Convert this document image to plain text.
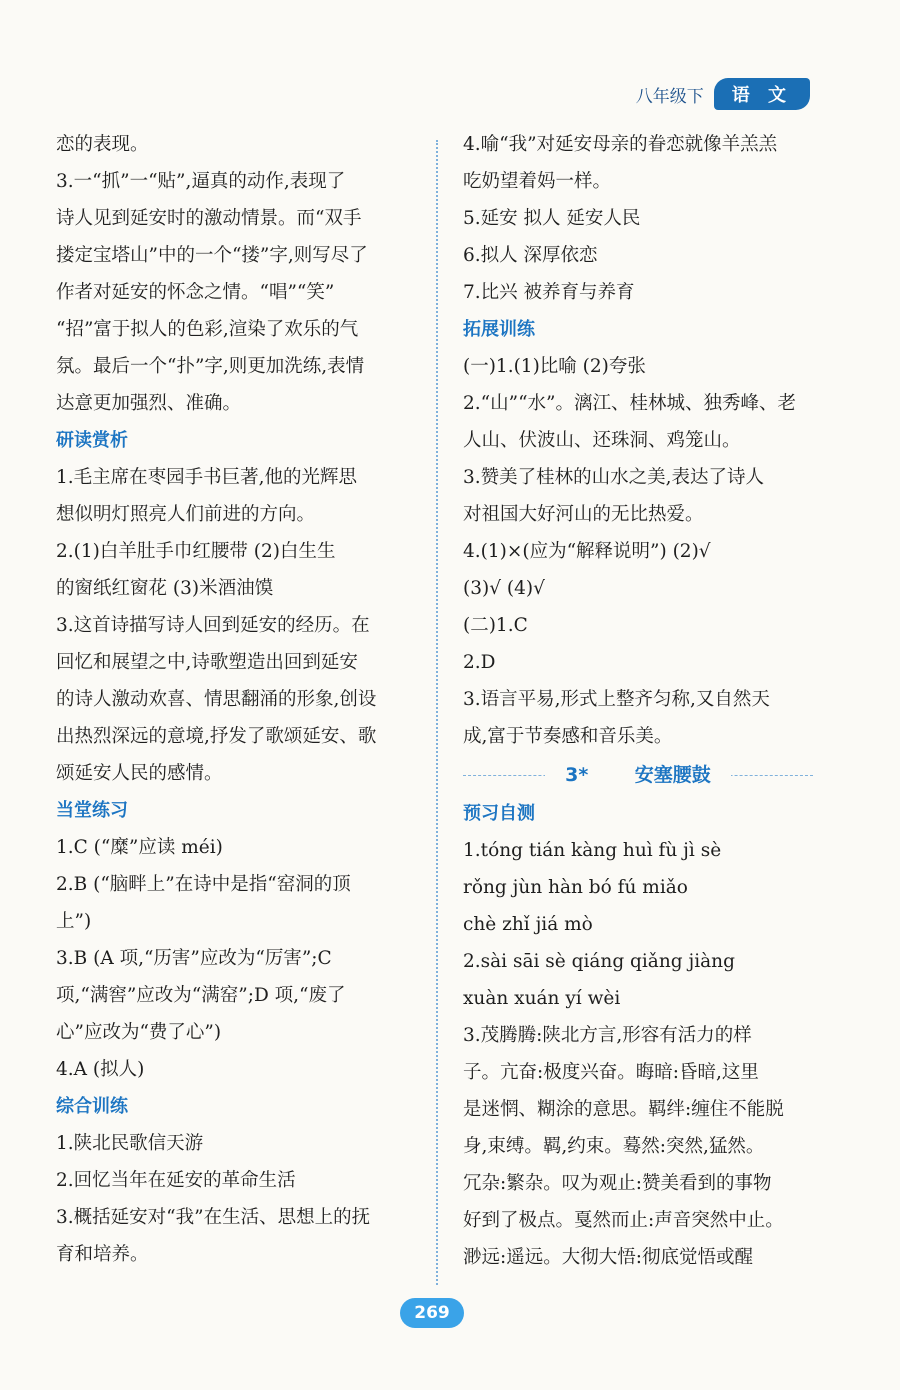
八年级下	语 文
恋的表现。
3.一“抓”一“贴”,逼真的动作,表现了
诗人见到延安时的激动情景。而“双手
搂定宝塔山”中的一个“搂”字,则写尽了
作者对延安的怀念之情。“唱”“笑”
“招”富于拟人的色彩,渲染了欢乐的气
氛。最后一个“扑”字,则更加洗练,表情
达意更加强烈、准确。
研读赏析
1.毛主席在枣园手书巨著,他的光辉思
想似明灯照亮人们前进的方向。
2.(1)白羊肚手巾红腰带 (2)白生生
的窗纸红窗花 (3)米酒油馍
3.这首诗描写诗人回到延安的经历。在
回忆和展望之中,诗歌塑造出回到延安
的诗人激动欢喜、情思翻涌的形象,创设
出热烈深远的意境,抒发了歌颂延安、歌
颂延安人民的感情。
当堂练习
1.C (“糜”应读 méi)
2.B (“脑畔上”在诗中是指“窑洞的顶
上”)
3.B (A 项,“历害”应改为“厉害”;C
项,“满窖”应改为“满窑”;D 项,“废了
心”应改为“费了心”)
4.A (拟人)
综合训练
1.陕北民歌信天游
2.回忆当年在延安的革命生活
3.概括延安对“我”在生活、思想上的抚
育和培养。
4.喻“我”对延安母亲的眷恋就像羊羔羔
吃奶望着妈一样。
5.延安 拟人 延安人民
6.拟人 深厚依恋
7.比兴 被养育与养育
拓展训练
(一)1.(1)比喻 (2)夸张
2.“山”“水”。漓江、桂林城、独秀峰、老
人山、伏波山、还珠洞、鸡笼山。
3.赞美了桂林的山水之美,表达了诗人
对祖国大好河山的无比热爱。
4.(1)×(应为“解释说明”) (2)√
(3)√ (4)√
(二)1.C
2.D
3.语言平易,形式上整齐匀称,又自然天
成,富于节奏感和音乐美。
3* 安塞腰鼓
预习自测
1.tóng tián kàng huì fù jì sè
rǒng jùn hàn bó fú miǎo
chè zhǐ jiá mò
2.sài sāi sè qiáng qiǎng jiàng
xuàn xuán yí wèi
3.茂腾腾:陕北方言,形容有活力的样
子。亢奋:极度兴奋。晦暗:昏暗,这里
是迷惘、糊涂的意思。羁绊:缠住不能脱
身,束缚。羁,约束。蓦然:突然,猛然。
冗杂:繁杂。叹为观止:赞美看到的事物
好到了极点。戛然而止:声音突然中止。
渺远:遥远。大彻大悟:彻底觉悟或醒
269
